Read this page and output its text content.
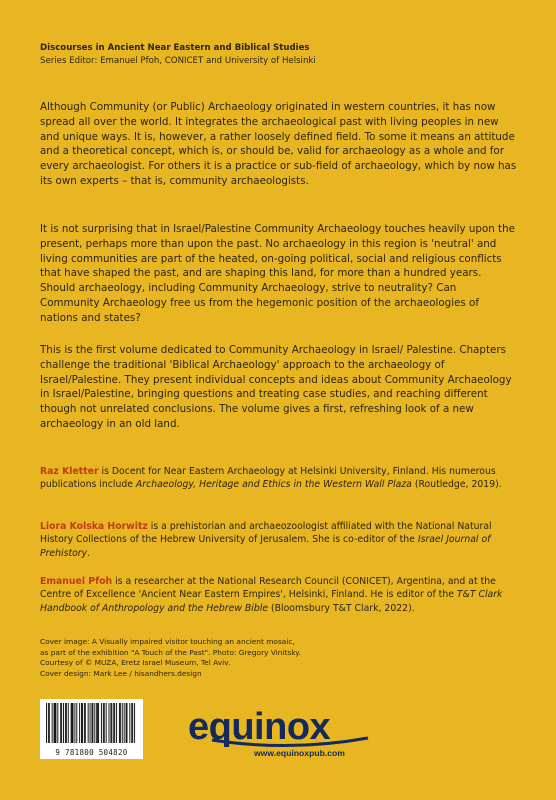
Discourses in Ancient Near Eastern and Biblical Studies
Series Editor: Emanuel Pfoh, CONICET and University of Helsinki

Although Community (or Public) Archaeology originated in western countries, it has now spread all over the world. It integrates the archaeological past with living peoples in new and unique ways. It is, however, a rather loosely defined field. To some it means an attitude and a theoretical concept, which is, or should be, valid for archaeology as a whole and for every archaeologist. For others it is a practice or sub-field of archaeology, which by now has its own experts – that is, community archaeologists.

It is not surprising that in Israel/Palestine Community Archaeology touches heavily upon the present, perhaps more than upon the past. No archaeology in this region is 'neutral' and living communities are part of the heated, on-going political, social and religious conflicts that have shaped the past, and are shaping this land, for more than a hundred years. Should archaeology, including Community Archaeology, strive to neutrality? Can Community Archaeology free us from the hegemonic position of the archaeologies of nations and states?

This is the first volume dedicated to Community Archaeology in Israel/ Palestine. Chapters challenge the traditional 'Biblical Archaeology' approach to the archaeology of Israel/Palestine. They present individual concepts and ideas about Community Archaeology in Israel/Palestine, bringing questions and treating case studies, and reaching different though not unrelated conclusions. The volume gives a first, refreshing look of a new archaeology in an old land.

Raz Kletter is Docent for Near Eastern Archaeology at Helsinki University, Finland. His numerous publications include Archaeology, Heritage and Ethics in the Western Wall Plaza (Routledge, 2019).

Liora Kolska Horwitz is a prehistorian and archaeozoologist affiliated with the National Natural History Collections of the Hebrew University of Jerusalem. She is co-editor of the Israel Journal of Prehistory.

Emanuel Pfoh is a researcher at the National Research Council (CONICET), Argentina, and at the Centre of Excellence 'Ancient Near Eastern Empires', Helsinki, Finland. He is editor of the T&T Clark Handbook of Anthropology and the Hebrew Bible (Bloomsbury T&T Clark, 2022).

Cover image: A Visually impaired visitor touching an ancient mosaic,
as part of the exhibition "A Touch of the Past". Photo: Gregory Vinitsky.
Courtesy of © MUZA, Eretz Israel Museum, Tel Aviv.
Cover design: Mark Lee / hisandhers.design
9 781800 504820
equinox
www.equinoxpub.com
